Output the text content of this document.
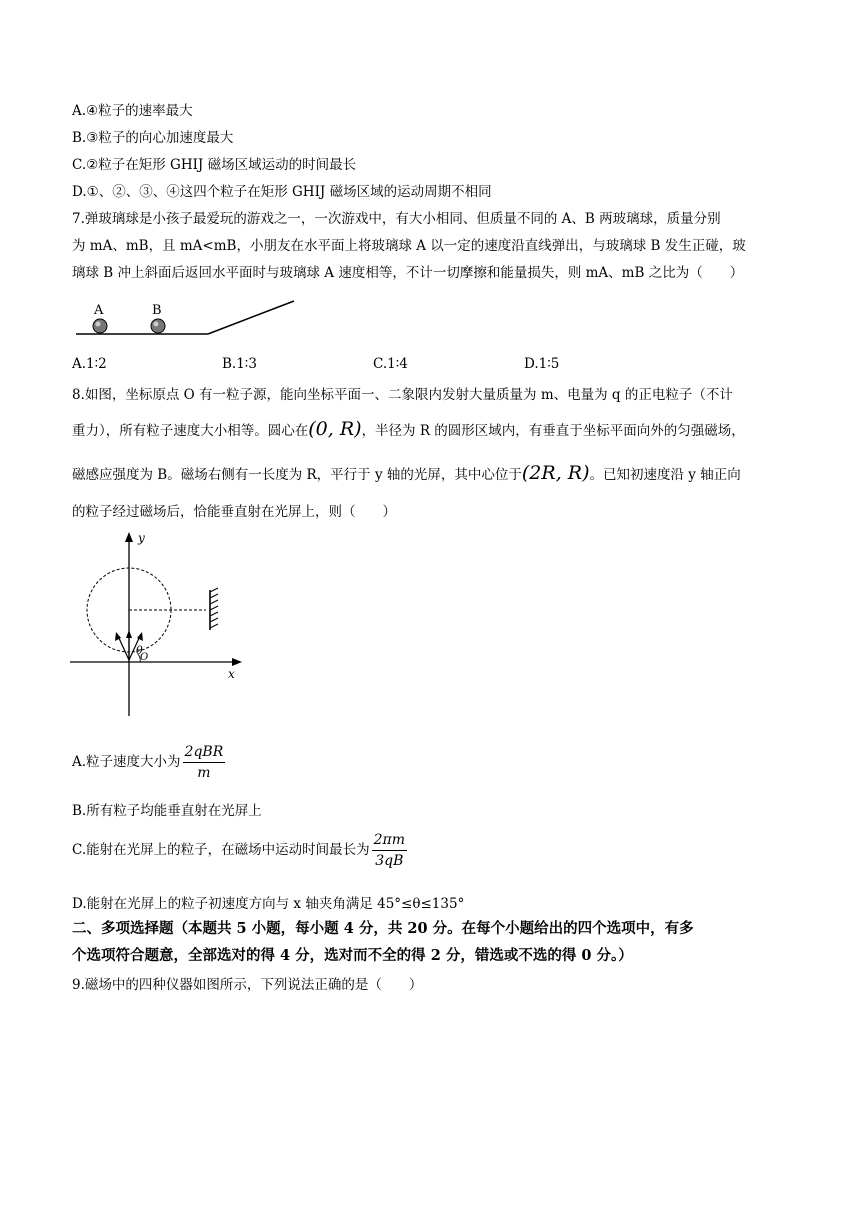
A.④粒子的速率最大
B.③粒子的向心加速度最大
C.②粒子在矩形 GHIJ 磁场区域运动的时间最长
D.①、②、③、④这四个粒子在矩形 GHIJ 磁场区域的运动周期不相同
7.弹玻璃球是小孩子最爱玩的游戏之一，一次游戏中，有大小相同、但质量不同的 A、B 两玻璃球，质量分别
为 mA、mB，且 mA<mB，小朋友在水平面上将玻璃球 A 以一定的速度沿直线弹出，与玻璃球 B 发生正碰，玻
璃球 B 冲上斜面后返回水平面时与玻璃球 A 速度相等，不计一切摩擦和能量损失，则 mA、mB 之比为（　　）
A	B
A.1∶2	B.1∶3	C.1∶4	D.1∶5
8.如图，坐标原点 O 有一粒子源，能向坐标平面一、二象限内发射大量质量为 m、电量为 q 的正电粒子（不计
重力），所有粒子速度大小相等。圆心在(0, R)，半径为 R 的圆形区域内，有垂直于坐标平面向外的匀强磁场，
磁感应强度为 B。磁场右侧有一长度为 R，平行于 y 轴的光屏，其中心位于(2R, R)。已知初速度沿 y 轴正向
的粒子经过磁场后，恰能垂直射在光屏上，则（　　）
y
x
θ
O
A.粒子速度大小为 $\frac{\text{2qBR}}{m}$
B.所有粒子均能垂直射在光屏上
C.能射在光屏上的粒子，在磁场中运动时间最长为 $\frac{2\pi m}{3qB}$
D.能射在光屏上的粒子初速度方向与 x 轴夹角满足 45°≤θ≤135°
二、多项选择题（本题共 5 小题，每小题 4 分，共 20 分。在每个小题给出的四个选项中，有多
个选项符合题意，全部选对的得 4 分，选对而不全的得 2 分，错选或不选的得 0 分。）
9.磁场中的四种仪器如图所示，下列说法正确的是（　　）
